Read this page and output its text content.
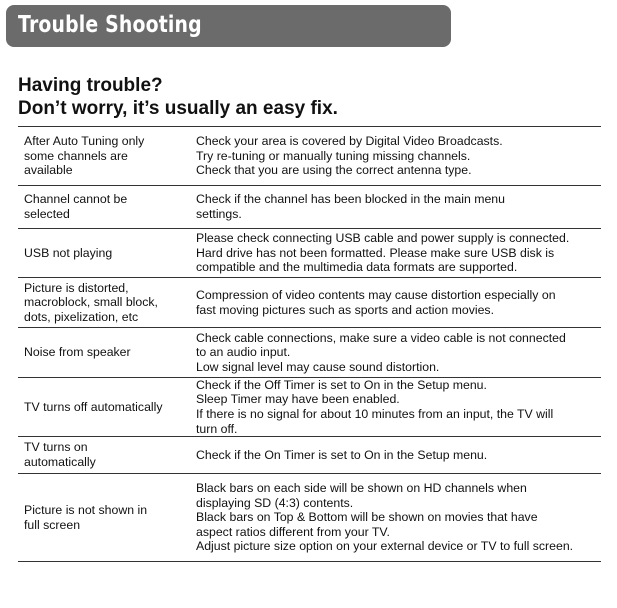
Trouble Shooting
Having trouble?
Don’t worry, it’s usually an easy fix.
After Auto Tuning only
some channels are
available
Check your area is covered by Digital Video Broadcasts.
Try re-tuning or manually tuning missing channels.
Check that you are using the correct antenna type.
Channel cannot be
selected
Check if the channel has been blocked in the main menu
settings.
USB not playing
Please check connecting USB cable and power supply is connected.
Hard drive has not been formatted. Please make sure USB disk is
compatible and the multimedia data formats are supported.
Picture is distorted,
macroblock, small block,
dots, pixelization, etc
Compression of video contents may cause distortion especially on
fast moving pictures such as sports and action movies.
Noise from speaker
Check cable connections, make sure a video cable is not connected
to an audio input.
Low signal level may cause sound distortion.
TV turns off automatically
Check if the Off Timer is set to On in the Setup menu.
Sleep Timer may have been enabled.
If there is no signal for about 10 minutes from an input, the TV will
turn off.
TV turns on
automatically
Check if the On Timer is set to On in the Setup menu.
Picture is not shown in
full screen
Black bars on each side will be shown on HD channels when
displaying SD (4:3) contents.
Black bars on Top & Bottom will be shown on movies that have
aspect ratios different from your TV.
Adjust picture size option on your external device or TV to full screen.
